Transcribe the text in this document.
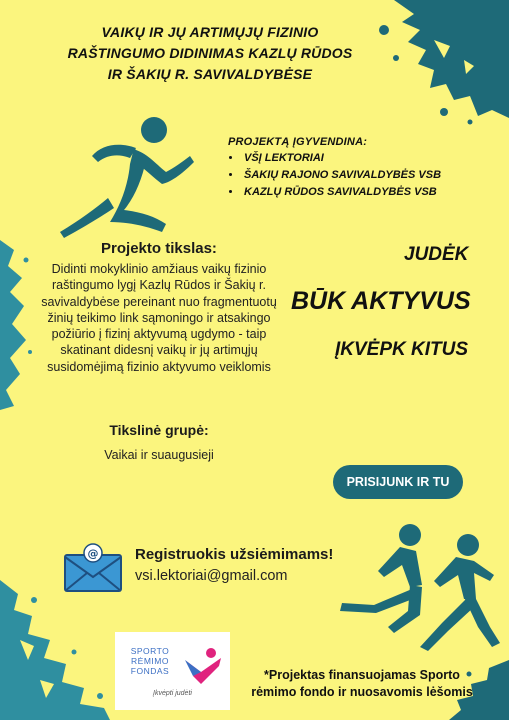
VAIKŲ IR JŲ ARTIMŲJŲ FIZINIO
RAŠTINGUMO DIDINIMAS KAZLŲ RŪDOS
IR ŠAKIŲ R. SAVIVALDYBĖSE
PROJEKTĄ ĮGYVENDINA:
• VŠĮ LEKTORIAI
• ŠAKIŲ RAJONO SAVIVALDYBĖS VSB
• KAZLŲ RŪDOS SAVIVALDYBĖS VSB
Projekto tikslas:
Didinti mokyklinio amžiaus vaikų fizinio raštingumo lygį Kazlų Rūdos ir Šakių r. savivaldybėse pereinant nuo fragmentuotų žinių teikimo link sąmoningo ir atsakingo požiūrio į fizinį aktyvumą ugdymo - taip skatinant didesnį vaikų ir jų artimųjų susidomėjimą fizinio aktyvumo veiklomis
Tikslinė grupė:
Vaikai ir suaugusieji
JUDĖK
BŪK AKTYVUS
ĮKVĖPK KITUS
PRISIJUNK IR TU
@ Registruokis užsiėmimams!
vsi.lektoriai@gmail.com
SPORTO
RĖMIMO
FONDAS
Įkvėpti judėti
*Projektas finansuojamas Sporto
rėmimo fondo ir nuosavomis lėšomis
